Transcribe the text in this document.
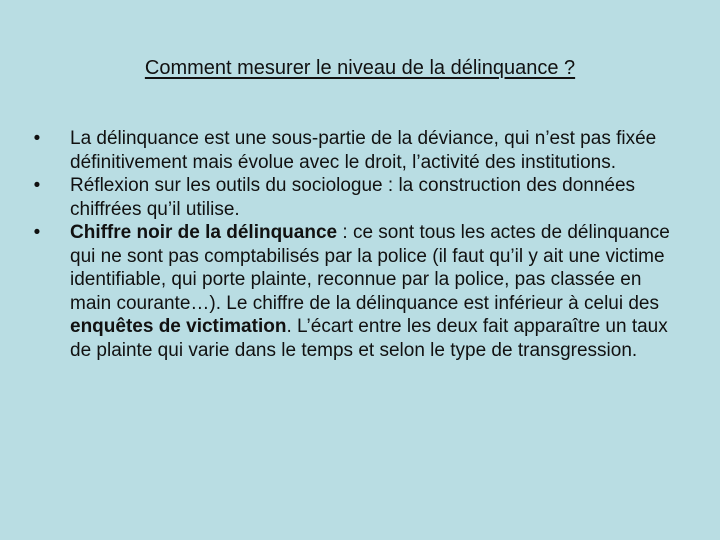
Comment mesurer le niveau de la délinquance ?
• La délinquance est une sous-partie de la déviance, qui n’est pas fixée définitivement mais évolue avec le droit, l’activité des institutions.
• Réflexion sur les outils du sociologue : la construction des données chiffrées qu’il utilise.
• Chiffre noir de la délinquance : ce sont tous les actes de délinquance qui ne sont pas comptabilisés par la police (il faut qu’il y ait une victime identifiable, qui porte plainte, reconnue par la police, pas classée en main courante…). Le chiffre de la délinquance est inférieur à celui des enquêtes de victimation. L’écart entre les deux fait apparaître un taux de plainte qui varie dans le temps et selon le type de transgression.
